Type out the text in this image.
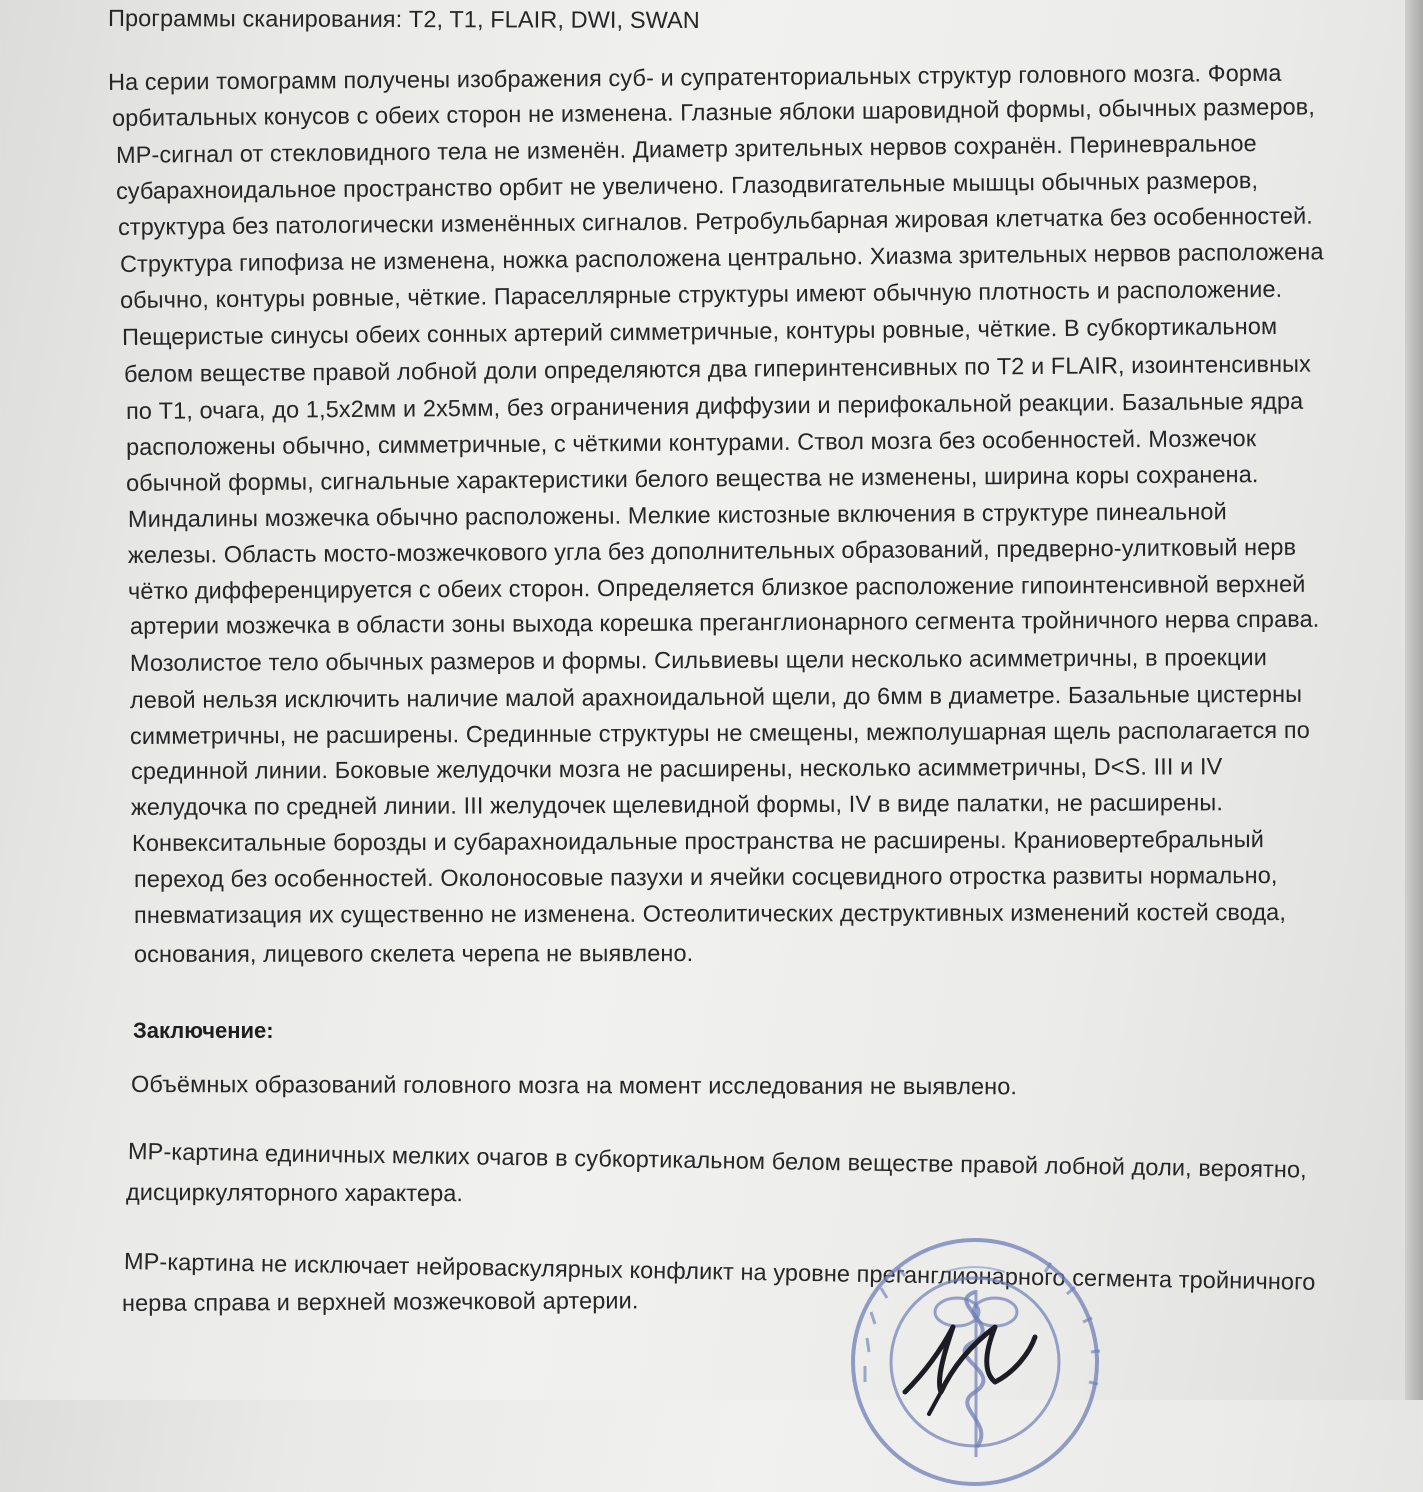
Программы сканирования: T2, T1, FLAIR, DWI, SWAN
На серии томограмм получены изображения суб- и супратенториальных структур головного мозга. Форма
орбитальных конусов с обеих сторон не изменена. Глазные яблоки шаровидной формы, обычных размеров,
МР-сигнал от стекловидного тела не изменён. Диаметр зрительных нервов сохранён. Периневральное
субарахноидальное пространство орбит не увеличено. Глазодвигательные мышцы обычных размеров,
структура без патологически изменённых сигналов. Ретробульбарная жировая клетчатка без особенностей.
Структура гипофиза не изменена, ножка расположена центрально. Хиазма зрительных нервов расположена
обычно, контуры ровные, чёткие. Параселлярные структуры имеют обычную плотность и расположение.
Пещеристые синусы обеих сонных артерий симметричные, контуры ровные, чёткие. В субкортикальном
белом веществе правой лобной доли определяются два гиперинтенсивных по T2 и FLAIR, изоинтенсивных
по T1, очага, до 1,5х2мм и 2х5мм, без ограничения диффузии и перифокальной реакции. Базальные ядра
расположены обычно, симметричные, с чёткими контурами. Ствол мозга без особенностей. Мозжечок
обычной формы, сигнальные характеристики белого вещества не изменены, ширина коры сохранена.
Миндалины мозжечка обычно расположены. Мелкие кистозные включения в структуре пинеальной
железы. Область мосто-мозжечкового угла без дополнительных образований, предверно-улитковый нерв
чётко дифференцируется с обеих сторон. Определяется близкое расположение гипоинтенсивной верхней
артерии мозжечка в области зоны выхода корешка преганглионарного сегмента тройничного нерва справа.
Мозолистое тело обычных размеров и формы. Сильвиевы щели несколько асимметричны, в проекции
левой нельзя исключить наличие малой арахноидальной щели, до 6мм в диаметре. Базальные цистерны
симметричны, не расширены. Срединные структуры не смещены, межполушарная щель располагается по
срединной линии. Боковые желудочки мозга не расширены, несколько асимметричны, D<S. III и IV
желудочка по средней линии. III желудочек щелевидной формы, IV в виде палатки, не расширены.
Конвекситальные борозды и субарахноидальные пространства не расширены. Краниовертебральный
переход без особенностей. Околоносовые пазухи и ячейки сосцевидного отростка развиты нормально,
пневматизация их существенно не изменена. Остеолитических деструктивных изменений костей свода,
основания, лицевого скелета черепа не выявлено.
Заключение:
Объёмных образований головного мозга на момент исследования не выявлено.
МР-картина единичных мелких очагов в субкортикальном белом веществе правой лобной доли, вероятно,
дисциркуляторного характера.
МР-картина не исключает нейроваскулярных конфликт на уровне преганглионарного сегмента тройничного
нерва справа и верхней мозжечковой артерии.
